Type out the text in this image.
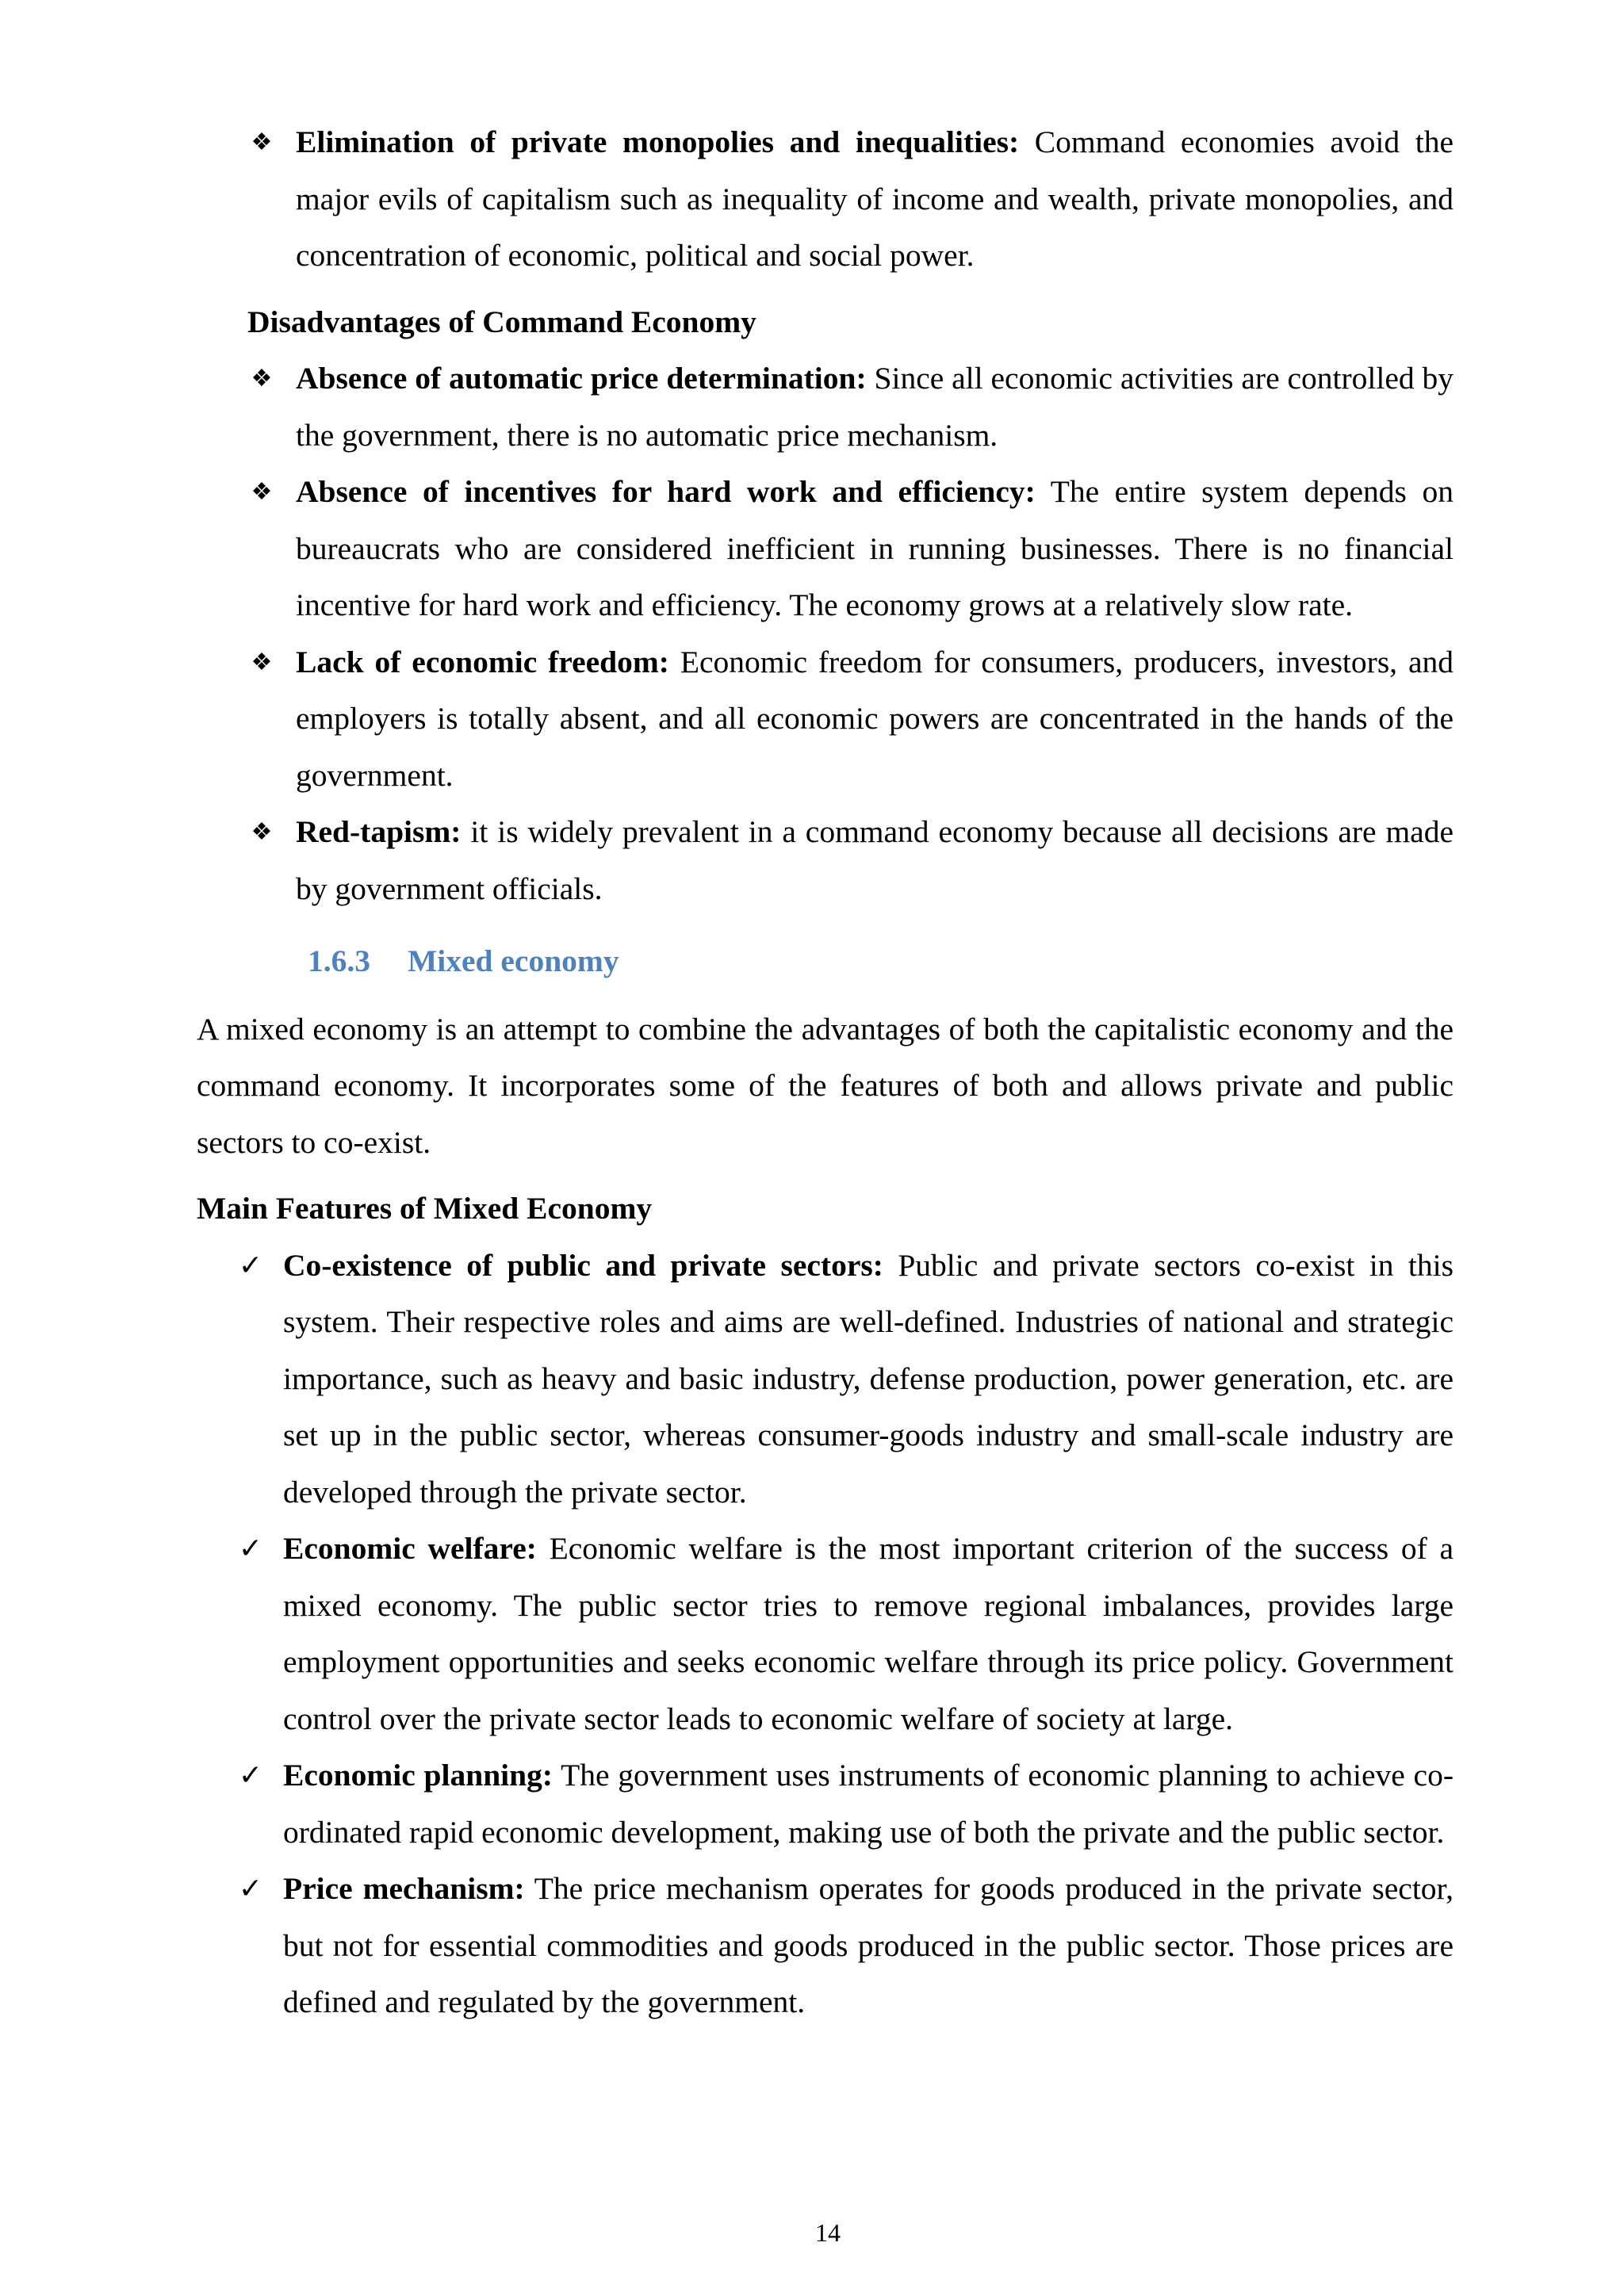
❖ Elimination of private monopolies and inequalities: Command economies avoid the major evils of capitalism such as inequality of income and wealth, private monopolies, and concentration of economic, political and social power.

Disadvantages of Command Economy

❖ Absence of automatic price determination: Since all economic activities are controlled by the government, there is no automatic price mechanism.

❖ Absence of incentives for hard work and efficiency: The entire system depends on bureaucrats who are considered inefficient in running businesses. There is no financial incentive for hard work and efficiency. The economy grows at a relatively slow rate.

❖ Lack of economic freedom: Economic freedom for consumers, producers, investors, and employers is totally absent, and all economic powers are concentrated in the hands of the government.

❖ Red-tapism: it is widely prevalent in a command economy because all decisions are made by government officials.

1.6.3 Mixed economy

A mixed economy is an attempt to combine the advantages of both the capitalistic economy and the command economy. It incorporates some of the features of both and allows private and public sectors to co-exist.

Main Features of Mixed Economy

✓ Co-existence of public and private sectors: Public and private sectors co-exist in this system. Their respective roles and aims are well-defined. Industries of national and strategic importance, such as heavy and basic industry, defense production, power generation, etc. are set up in the public sector, whereas consumer-goods industry and small-scale industry are developed through the private sector.

✓ Economic welfare: Economic welfare is the most important criterion of the success of a mixed economy. The public sector tries to remove regional imbalances, provides large employment opportunities and seeks economic welfare through its price policy. Government control over the private sector leads to economic welfare of society at large.

✓ Economic planning: The government uses instruments of economic planning to achieve co-ordinated rapid economic development, making use of both the private and the public sector.

✓ Price mechanism: The price mechanism operates for goods produced in the private sector, but not for essential commodities and goods produced in the public sector. Those prices are defined and regulated by the government.

14
